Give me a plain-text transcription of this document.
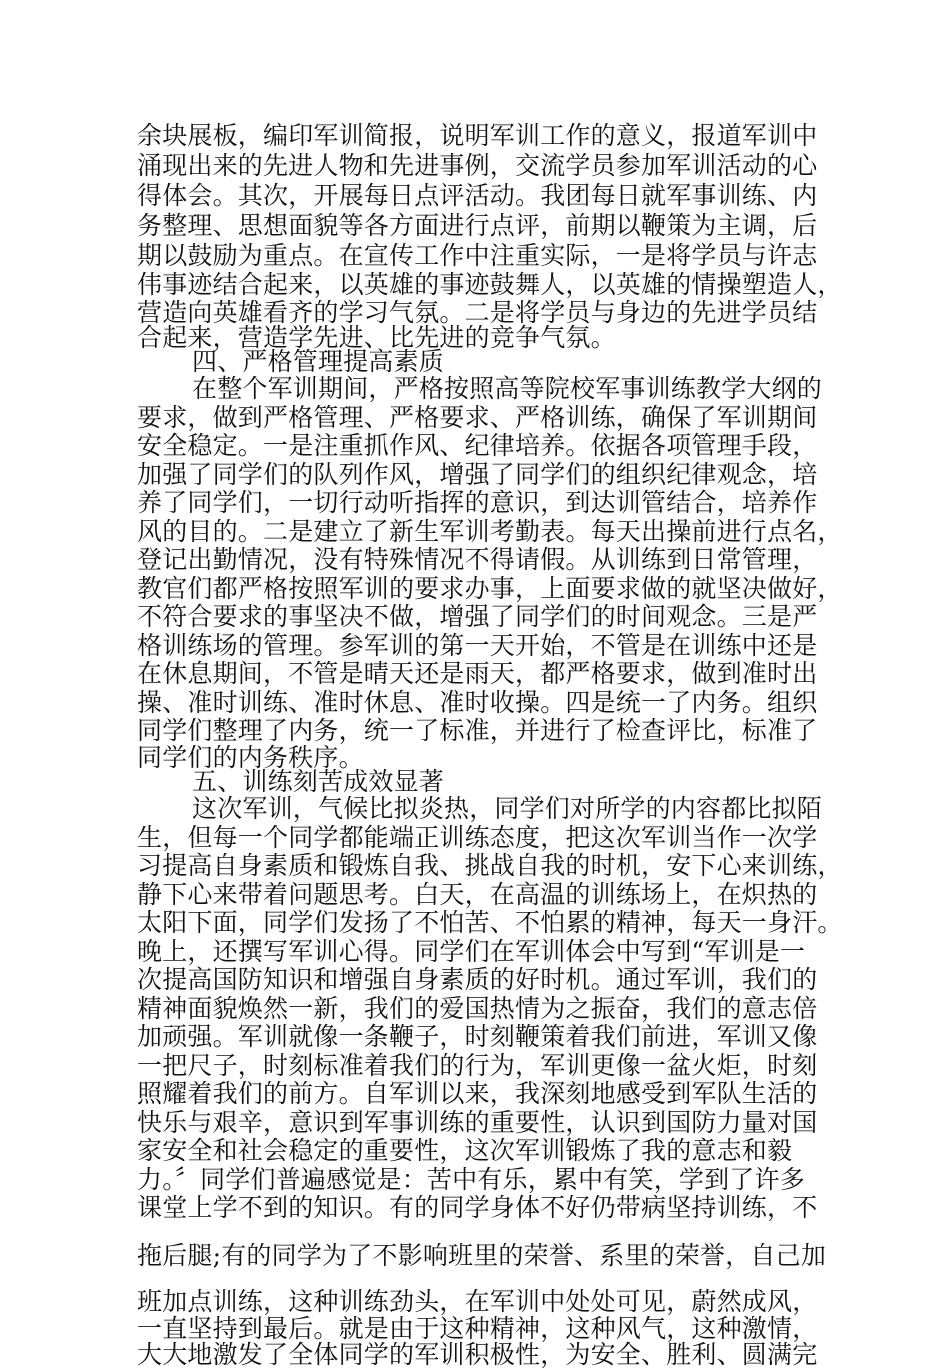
余块展板，编印军训简报，说明军训工作的意义，报道军训中
涌现出来的先进人物和先进事例，交流学员参加军训活动的心
得体会。其次，开展每日点评活动。我团每日就军事训练、内
务整理、思想面貌等各方面进行点评，前期以鞭策为主调，后
期以鼓励为重点。在宣传工作中注重实际，一是将学员与许志
伟事迹结合起来，以英雄的事迹鼓舞人，以英雄的情操塑造人，
营造向英雄看齐的学习气氛。二是将学员与身边的先进学员结
合起来，营造学先进、比先进的竞争气氛。
四、严格管理提高素质
在整个军训期间，严格按照高等院校军事训练教学大纲的
要求，做到严格管理、严格要求、严格训练，确保了军训期间
安全稳定。一是注重抓作风、纪律培养。依据各项管理手段，
加强了同学们的队列作风，增强了同学们的组织纪律观念，培
养了同学们，一切行动听指挥的意识，到达训管结合，培养作
风的目的。二是建立了新生军训考勤表。每天出操前进行点名，
登记出勤情况，没有特殊情况不得请假。从训练到日常管理，
教官们都严格按照军训的要求办事，上面要求做的就坚决做好，
不符合要求的事坚决不做，增强了同学们的时间观念。三是严
格训练场的管理。参军训的第一天开始，不管是在训练中还是
在休息期间，不管是晴天还是雨天，都严格要求，做到准时出
操、准时训练、准时休息、准时收操。四是统一了内务。组织
同学们整理了内务，统一了标准，并进行了检查评比，标准了
同学们的内务秩序。
五、训练刻苦成效显著
这次军训，气候比拟炎热，同学们对所学的内容都比拟陌
生，但每一个同学都能端正训练态度，把这次军训当作一次学
习提高自身素质和锻炼自我、挑战自我的时机，安下心来训练，
静下心来带着问题思考。白天，在高温的训练场上，在炽热的
太阳下面，同学们发扬了不怕苦、不怕累的精神，每天一身汗。
晚上，还撰写军训心得。同学们在军训体会中写到“军训是一
次提高国防知识和增强自身素质的好时机。通过军训，我们的
精神面貌焕然一新，我们的爱国热情为之振奋，我们的意志倍
加顽强。军训就像一条鞭子，时刻鞭策着我们前进，军训又像
一把尺子，时刻标准着我们的行为，军训更像一盆火炬，时刻
照耀着我们的前方。自军训以来，我深刻地感受到军队生活的
快乐与艰辛，意识到军事训练的重要性，认识到国防力量对国
家安全和社会稳定的重要性，这次军训锻炼了我的意志和毅
力。〞同学们普遍感觉是：苦中有乐，累中有笑，学到了许多
课堂上学不到的知识。有的同学身体不好仍带病坚持训练，不
拖后腿;有的同学为了不影响班里的荣誉、系里的荣誉，自己加
班加点训练，这种训练劲头，在军训中处处可见，蔚然成风，
一直坚持到最后。就是由于这种精神，这种风气，这种激情，
大大地激发了全体同学的军训积极性，为安全、胜利、圆满完
